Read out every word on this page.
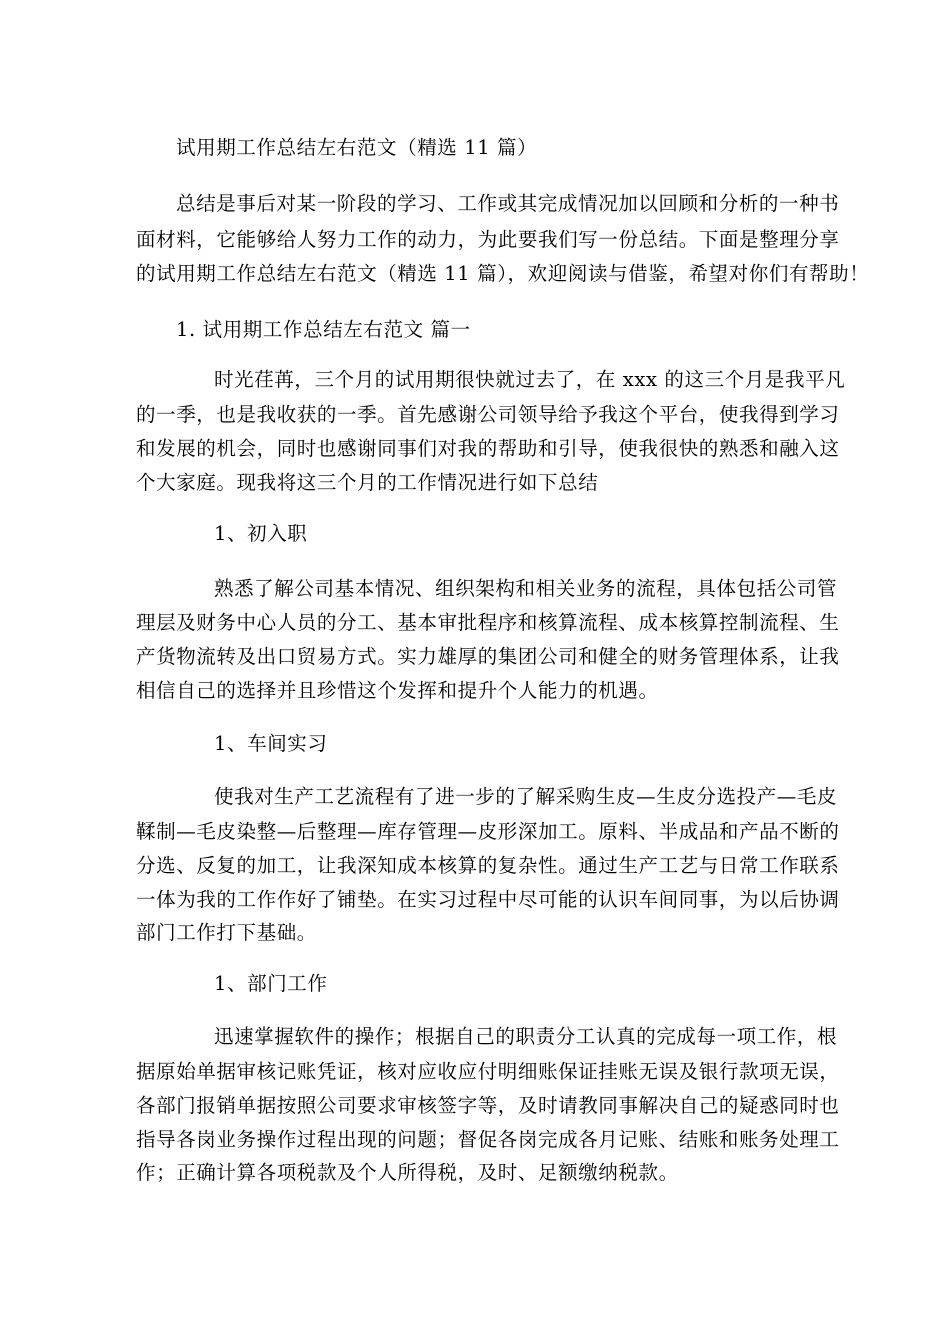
试用期工作总结左右范文（精选 11 篇）
总结是事后对某一阶段的学习、工作或其完成情况加以回顾和分析的一种书
面材料，它能够给人努力工作的动力，为此要我们写一份总结。下面是整理分享
的试用期工作总结左右范文（精选 11 篇），欢迎阅读与借鉴，希望对你们有帮助！
1. 试用期工作总结左右范文 篇一
时光荏苒，三个月的试用期很快就过去了，在 xxx 的这三个月是我平凡
的一季，也是我收获的一季。首先感谢公司领导给予我这个平台，使我得到学习
和发展的机会，同时也感谢同事们对我的帮助和引导，使我很快的熟悉和融入这
个大家庭。现我将这三个月的工作情况进行如下总结
1、初入职
熟悉了解公司基本情况、组织架构和相关业务的流程，具体包括公司管
理层及财务中心人员的分工、基本审批程序和核算流程、成本核算控制流程、生
产货物流转及出口贸易方式。实力雄厚的集团公司和健全的财务管理体系，让我
相信自己的选择并且珍惜这个发挥和提升个人能力的机遇。
1、车间实习
使我对生产工艺流程有了进一步的了解采购生皮—生皮分选投产—毛皮
鞣制—毛皮染整—后整理—库存管理—皮形深加工。原料、半成品和产品不断的
分选、反复的加工，让我深知成本核算的复杂性。通过生产工艺与日常工作联系
一体为我的工作作好了铺垫。在实习过程中尽可能的认识车间同事，为以后协调
部门工作打下基础。
1、部门工作
迅速掌握软件的操作；根据自己的职责分工认真的完成每一项工作，根
据原始单据审核记账凭证，核对应收应付明细账保证挂账无误及银行款项无误，
各部门报销单据按照公司要求审核签字等，及时请教同事解决自己的疑惑同时也
指导各岗业务操作过程出现的问题；督促各岗完成各月记账、结账和账务处理工
作；正确计算各项税款及个人所得税，及时、足额缴纳税款。
